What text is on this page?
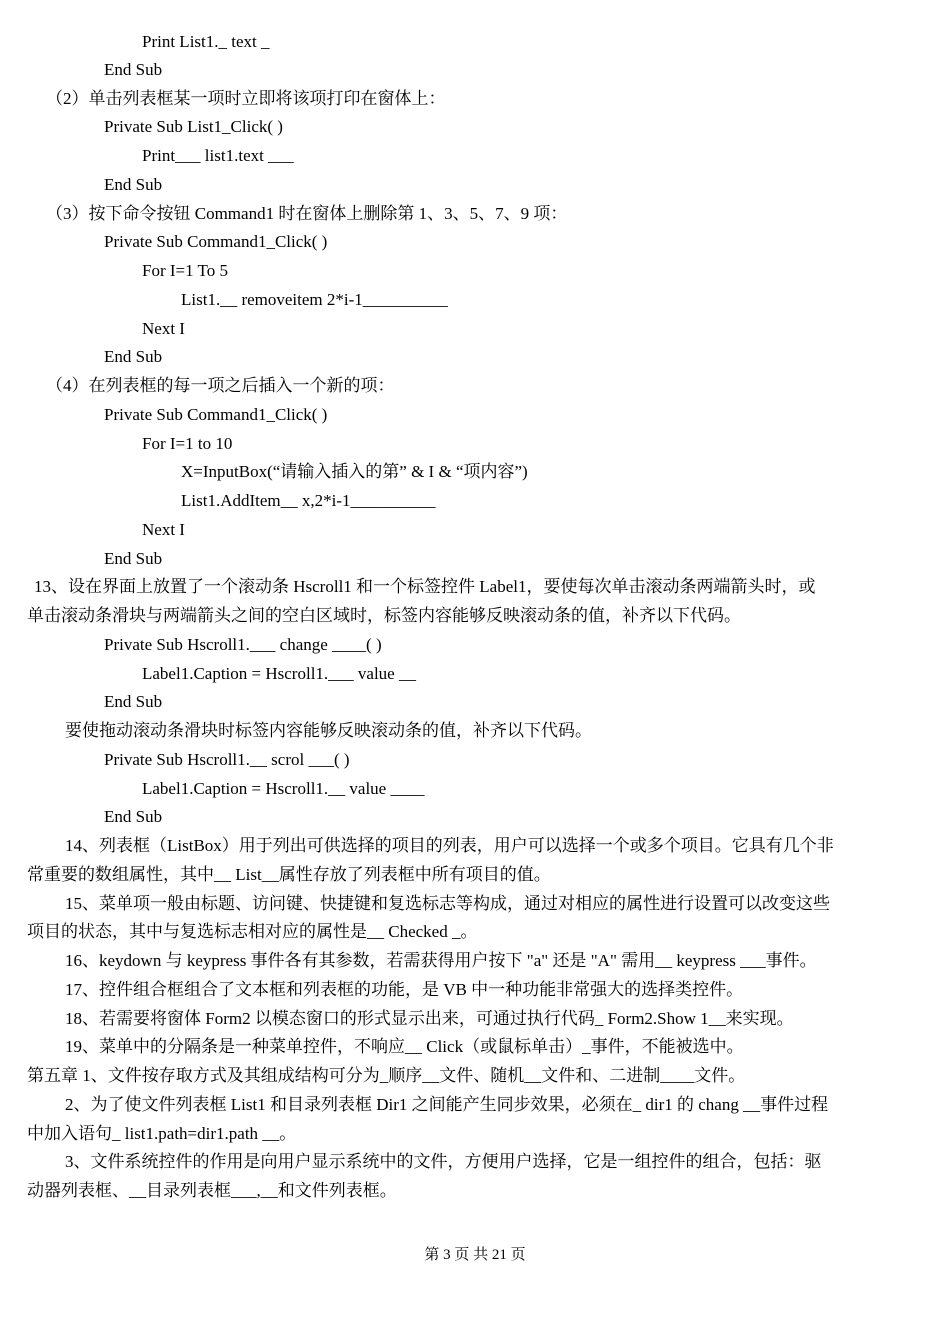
Print List1._ text _
End Sub
（2）单击列表框某一项时立即将该项打印在窗体上：
Private Sub List1_Click( )
Print___ list1.text ___
End Sub
（3）按下命令按钮 Command1 时在窗体上删除第 1、3、5、7、9 项：
Private Sub Command1_Click( )
For I=1 To 5
List1.__ removeitem 2*i-1__________
Next I
End Sub
（4）在列表框的每一项之后插入一个新的项：
Private Sub Command1_Click( )
For I=1 to 10
X=InputBox(“请输入插入的第” & I & “项内容”)
List1.AddItem__ x,2*i-1__________
Next I
End Sub
13、设在界面上放置了一个滚动条 Hscroll1 和一个标签控件 Label1，要使每次单击滚动条两端箭头时，或
单击滚动条滑块与两端箭头之间的空白区域时，标签内容能够反映滚动条的值，补齐以下代码。
Private Sub Hscroll1.___ change ____( )
Label1.Caption = Hscroll1.___ value __
End Sub
要使拖动滚动条滑块时标签内容能够反映滚动条的值，补齐以下代码。
Private Sub Hscroll1.__ scrol ___( )
Label1.Caption = Hscroll1.__ value ____
End Sub
14、列表框（ListBox）用于列出可供选择的项目的列表，用户可以选择一个或多个项目。它具有几个非
常重要的数组属性，其中__ List__属性存放了列表框中所有项目的值。
15、菜单项一般由标题、访问键、快捷键和复选标志等构成，通过对相应的属性进行设置可以改变这些
项目的状态，其中与复选标志相对应的属性是__ Checked _。
16、keydown 与 keypress 事件各有其参数，若需获得用户按下 "a" 还是 "A" 需用__ keypress ___事件。
17、控件组合框组合了文本框和列表框的功能，是 VB 中一种功能非常强大的选择类控件。
18、若需要将窗体 Form2 以模态窗口的形式显示出来，可通过执行代码_ Form2.Show 1__来实现。
19、菜单中的分隔条是一种菜单控件，不响应__ Click（或鼠标单击）_事件，不能被选中。
第五章 1、文件按存取方式及其组成结构可分为_顺序__文件、随机__文件和、二进制____文件。
2、为了使文件列表框 List1 和目录列表框 Dir1 之间能产生同步效果，必须在_ dir1 的 chang __事件过程
中加入语句_ list1.path=dir1.path __。
3、文件系统控件的作用是向用户显示系统中的文件，方便用户选择，它是一组控件的组合，包括：驱
动器列表框、__目录列表框___,__和文件列表框。
第 3 页 共 21 页
